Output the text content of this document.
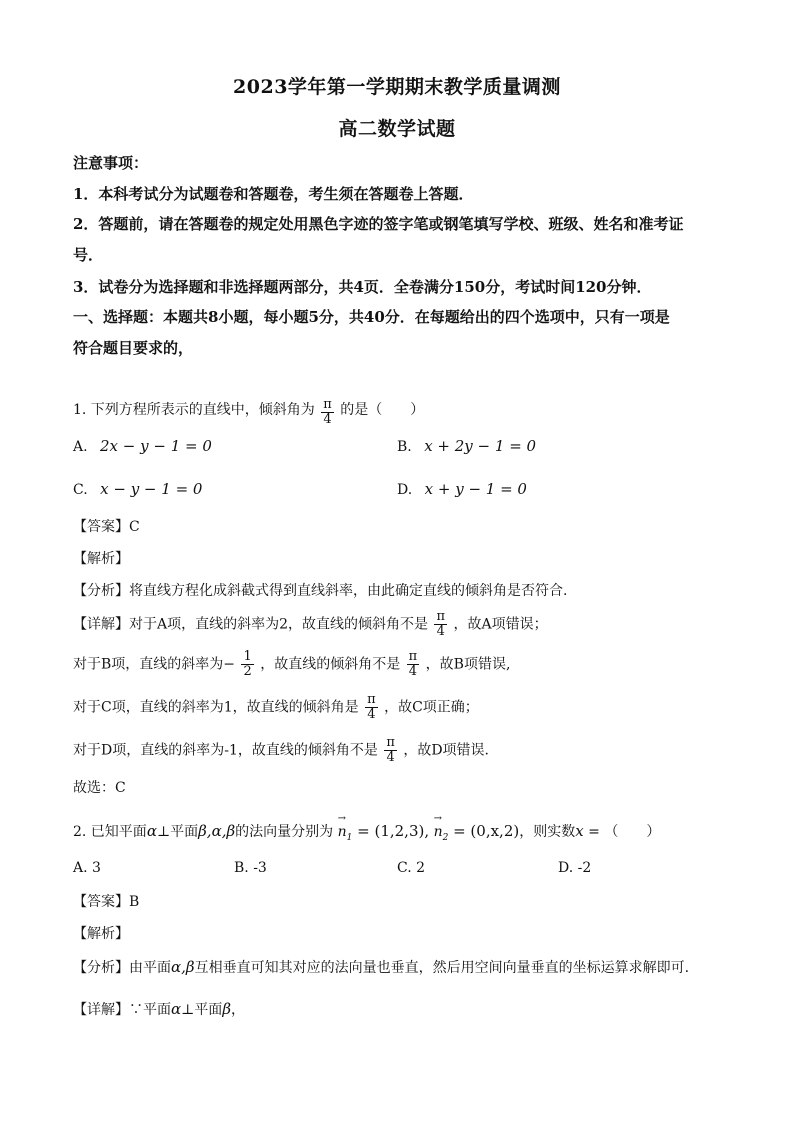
2023学年第一学期期末教学质量调测
高二数学试题
注意事项：
1．本科考试分为试题卷和答题卷，考生须在答题卷上答题．
2．答题前，请在答题卷的规定处用黑色字迹的签字笔或钢笔填写学校、班级、姓名和准考证
号．
3．试卷分为选择题和非选择题两部分，共4页．全卷满分150分，考试时间120分钟．
一、选择题：本题共8小题，每小题5分，共40分．在每题给出的四个选项中，只有一项是
符合题目要求的，
1. 下列方程所表示的直线中，倾斜角为 $\frac{\pi}{4}$ 的是（　　）
A. 2x − y − 1 = 0	B. x + 2y − 1 = 0
C. x − y − 1 = 0	D. x + y − 1 = 0
【答案】C
【解析】
【分析】将直线方程化成斜截式得到直线斜率，由此确定直线的倾斜角是否符合.
【详解】对于A项，直线的斜率为2，故直线的倾斜角不是 $\frac{\pi}{4}$ ，故A项错误；
对于B项，直线的斜率为− $\frac{1}{2}$ ，故直线的倾斜角不是 $\frac{\pi}{4}$ ，故B项错误,
对于C项，直线的斜率为1，故直线的倾斜角是 $\frac{\pi}{4}$ ，故C项正确；
对于D项，直线的斜率为-1，故直线的倾斜角不是 $\frac{\pi}{4}$ ，故D项错误.
故选：C
2. 已知平面α⊥平面β,α,β的法向量分别为
→
$n_1 = (1,2,3)$,
→
$n_2 = (0,x,2)$，则实数x = （　　）
A. 3	B. -3	C. 2	D. -2
【答案】B
【解析】
【分析】由平面α,β互相垂直可知其对应的法向量也垂直，然后用空间向量垂直的坐标运算求解即可.
【详解】∵平面α⊥平面β，
